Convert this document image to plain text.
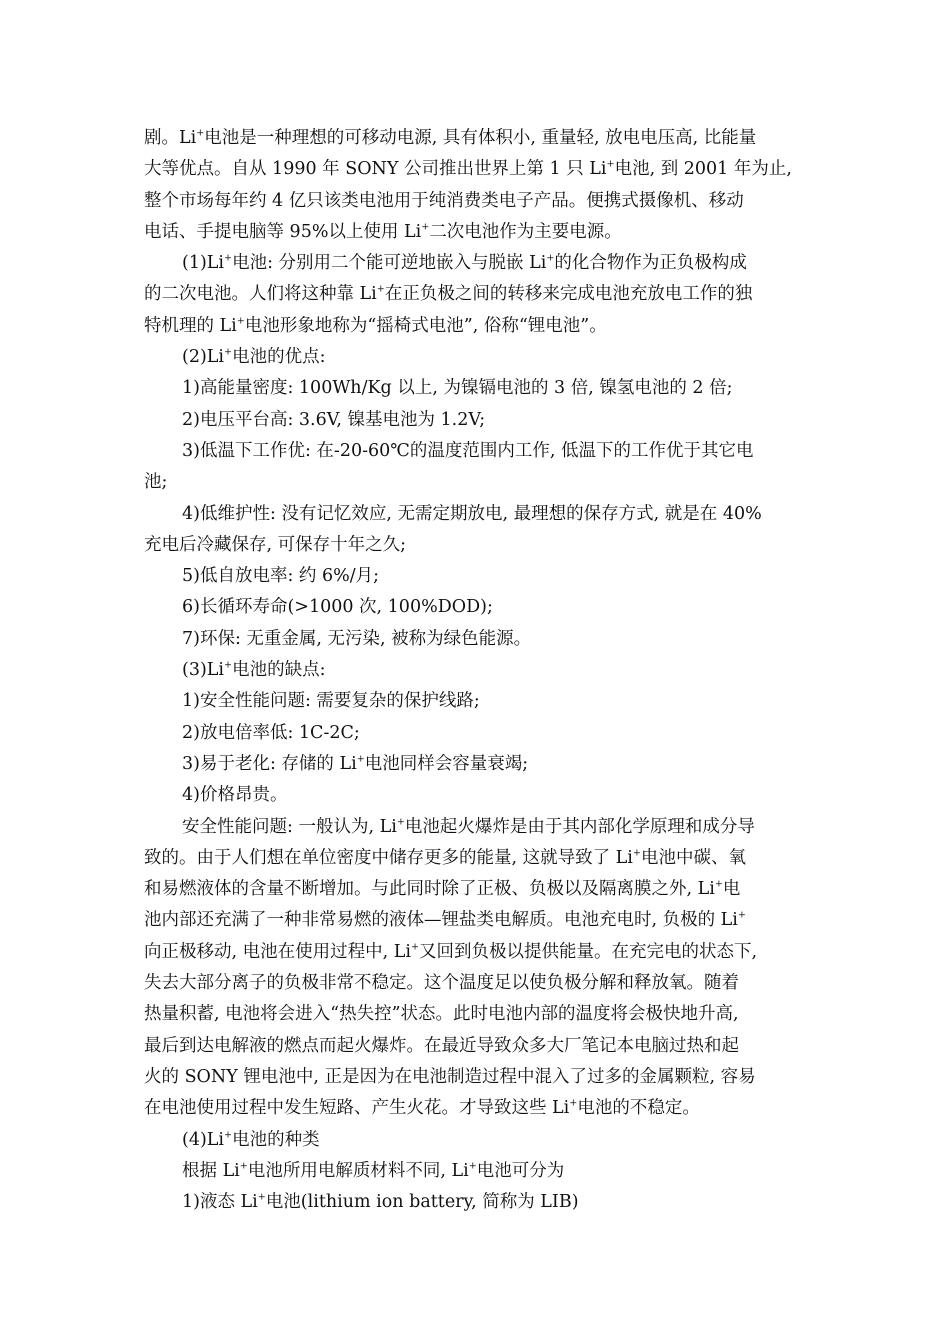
剧。Li+电池是一种理想的可移动电源, 具有体积小, 重量轻, 放电电压高, 比能量
大等优点。自从 1990 年 SONY 公司推出世界上第 1 只 Li+电池, 到 2001 年为止,
整个市场每年约 4 亿只该类电池用于纯消费类电子产品。便携式摄像机、移动
电话、手提电脑等 95%以上使用 Li+二次电池作为主要电源。
(1)Li+电池: 分别用二个能可逆地嵌入与脱嵌 Li+的化合物作为正负极构成
的二次电池。人们将这种靠 Li+在正负极之间的转移来完成电池充放电工作的独
特机理的 Li+电池形象地称为“摇椅式电池”, 俗称“锂电池”。
(2)Li+电池的优点:
1)高能量密度: 100Wh/Kg 以上, 为镍镉电池的 3 倍, 镍氢电池的 2 倍;
2)电压平台高: 3.6V, 镍基电池为 1.2V;
3)低温下工作优: 在-20-60℃的温度范围内工作, 低温下的工作优于其它电
池;
4)低维护性: 没有记忆效应, 无需定期放电, 最理想的保存方式, 就是在 40%
充电后冷藏保存, 可保存十年之久;
5)低自放电率: 约 6%/月;
6)长循环寿命(>1000 次, 100%DOD);
7)环保: 无重金属, 无污染, 被称为绿色能源。
(3)Li+电池的缺点:
1)安全性能问题: 需要复杂的保护线路;
2)放电倍率低: 1C-2C;
3)易于老化: 存储的 Li+电池同样会容量衰竭;
4)价格昂贵。
安全性能问题: 一般认为, Li+电池起火爆炸是由于其内部化学原理和成分导
致的。由于人们想在单位密度中储存更多的能量, 这就导致了 Li+电池中碳、氧
和易燃液体的含量不断增加。与此同时除了正极、负极以及隔离膜之外, Li+电
池内部还充满了一种非常易燃的液体—锂盐类电解质。电池充电时, 负极的 Li+
向正极移动, 电池在使用过程中, Li+又回到负极以提供能量。在充完电的状态下,
失去大部分离子的负极非常不稳定。这个温度足以使负极分解和释放氧。随着
热量积蓄, 电池将会进入“热失控”状态。此时电池内部的温度将会极快地升高,
最后到达电解液的燃点而起火爆炸。在最近导致众多大厂笔记本电脑过热和起
火的 SONY 锂电池中, 正是因为在电池制造过程中混入了过多的金属颗粒, 容易
在电池使用过程中发生短路、产生火花。才导致这些 Li+电池的不稳定。
(4)Li+电池的种类
根据 Li+电池所用电解质材料不同, Li+电池可分为
1)液态 Li+电池(lithium ion battery, 简称为 LIB)
